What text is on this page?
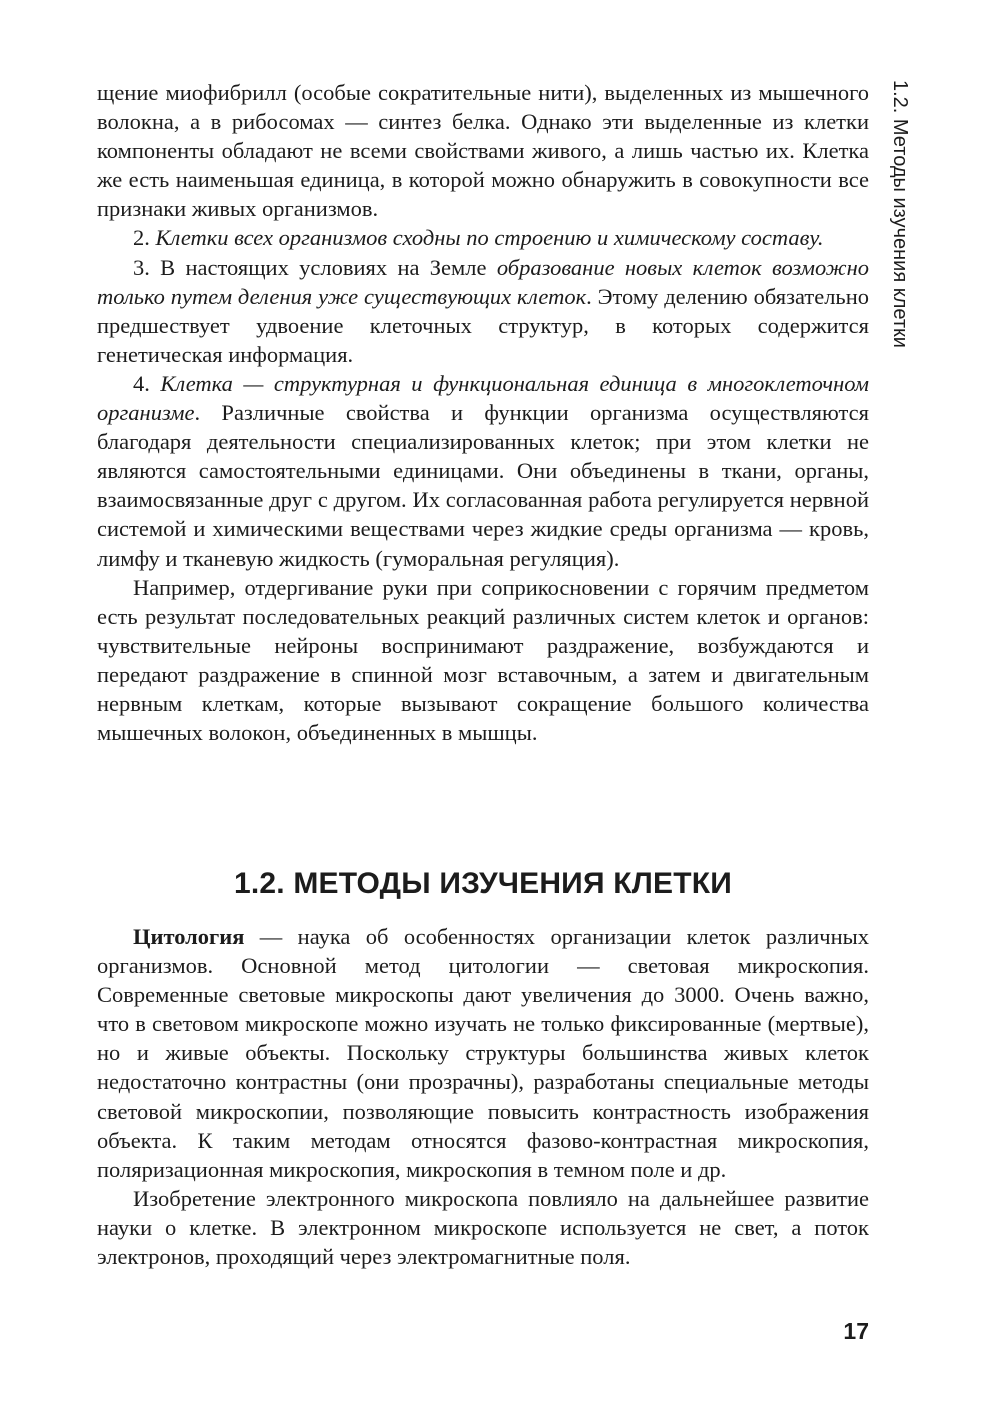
1.2. Методы изучения клетки

щение миофибрилл (особые сократительные нити), выделенных из мышечного волокна, а в рибосомах — синтез белка. Однако эти выделенные из клетки компоненты обладают не всеми свойствами живого, а лишь частью их. Клетка же есть наименьшая единица, в которой можно обнаружить в совокупности все признаки живых организмов.

2. Клетки всех организмов сходны по строению и химическому составу.

3. В настоящих условиях на Земле образование новых клеток возможно только путем деления уже существующих клеток. Этому делению обязательно предшествует удвоение клеточных структур, в которых содержится генетическая информация.

4. Клетка — структурная и функциональная единица в многоклеточном организме. Различные свойства и функции организма осуществляются благодаря деятельности специализированных клеток; при этом клетки не являются самостоятельными единицами. Они объединены в ткани, органы, взаимосвязанные друг с другом. Их согласованная работа регулируется нервной системой и химическими веществами через жидкие среды организма — кровь, лимфу и тканевую жидкость (гуморальная регуляция).

Например, отдергивание руки при соприкосновении с горячим предметом есть результат последовательных реакций различных систем клеток и органов: чувствительные нейроны воспринимают раздражение, возбуждаются и передают раздражение в спинной мозг вставочным, а затем и двигательным нервным клеткам, которые вызывают сокращение большого количества мышечных волокон, объединенных в мышцы.

1.2. МЕТОДЫ ИЗУЧЕНИЯ КЛЕТКИ

Цитология — наука об особенностях организации клеток различных организмов. Основной метод цитологии — световая микроскопия. Современные световые микроскопы дают увеличения до 3000. Очень важно, что в световом микроскопе можно изучать не только фиксированные (мертвые), но и живые объекты. Поскольку структуры большинства живых клеток недостаточно контрастны (они прозрачны), разработаны специальные методы световой микроскопии, позволяющие повысить контрастность изображения объекта. К таким методам относятся фазово-контрастная микроскопия, поляризационная микроскопия, микроскопия в темном поле и др.

Изобретение электронного микроскопа повлияло на дальнейшее развитие науки о клетке. В электронном микроскопе используется не свет, а поток электронов, проходящий через электромагнитные поля.

17
